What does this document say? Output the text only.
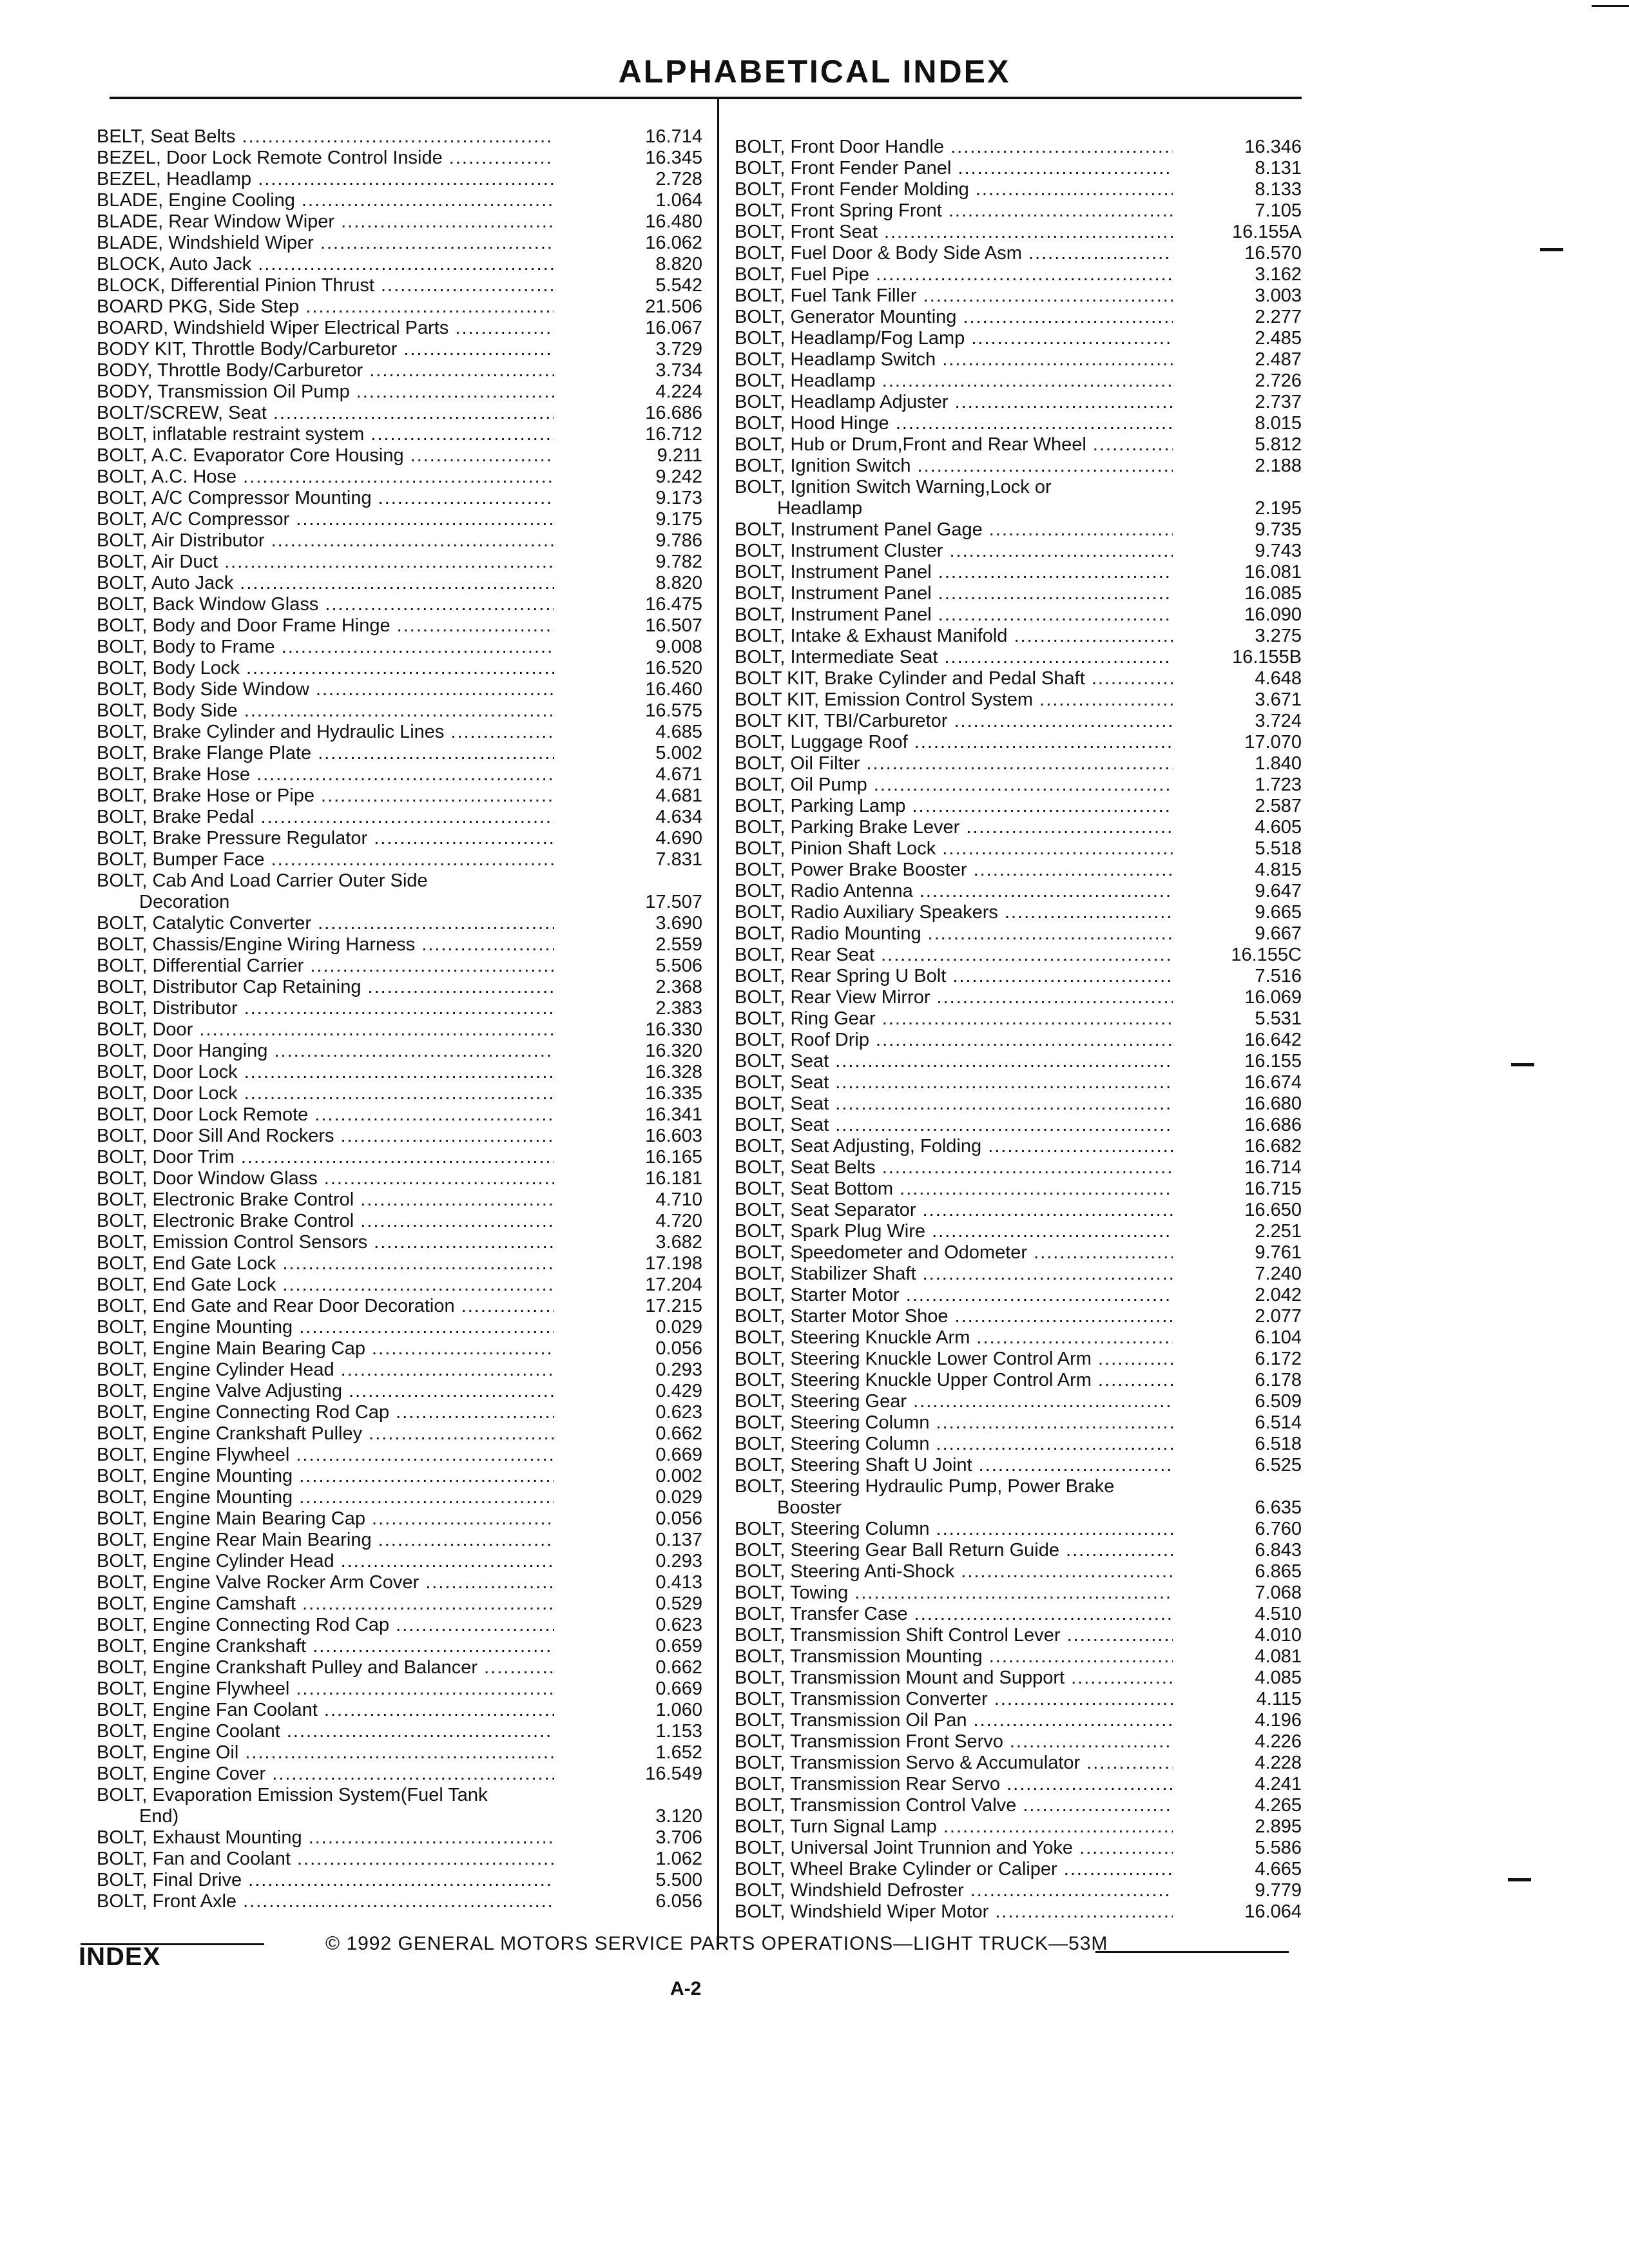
ALPHABETICAL INDEX
BELT, Seat Belts .....	16.714
BEZEL, Door Lock Remote Control Inside .....	16.345
BEZEL, Headlamp .....	2.728
BLADE, Engine Cooling .....	1.064
BLADE, Rear Window Wiper .....	16.480
BLADE, Windshield Wiper .....	16.062
BLOCK, Auto Jack .....	8.820
BLOCK, Differential Pinion Thrust .....	5.542
BOARD PKG, Side Step .....	21.506
BOARD, Windshield Wiper Electrical Parts .....	16.067
BODY KIT, Throttle Body/Carburetor .....	3.729
BODY, Throttle Body/Carburetor .....	3.734
BODY, Transmission Oil Pump .....	4.224
BOLT/SCREW, Seat .....	16.686
BOLT, inflatable restraint system .....	16.712
BOLT, A.C. Evaporator Core Housing .....	9.211
BOLT, A.C. Hose .....	9.242
BOLT, A/C Compressor Mounting .....	9.173
BOLT, A/C Compressor .....	9.175
BOLT, Air Distributor .....	9.786
BOLT, Air Duct .....	9.782
BOLT, Auto Jack .....	8.820
BOLT, Back Window Glass .....	16.475
BOLT, Body and Door Frame Hinge .....	16.507
BOLT, Body to Frame .....	9.008
BOLT, Body Lock .....	16.520
BOLT, Body Side Window .....	16.460
BOLT, Body Side .....	16.575
BOLT, Brake Cylinder and Hydraulic Lines .....	4.685
BOLT, Brake Flange Plate .....	5.002
BOLT, Brake Hose .....	4.671
BOLT, Brake Hose or Pipe .....	4.681
BOLT, Brake Pedal .....	4.634
BOLT, Brake Pressure Regulator .....	4.690
BOLT, Bumper Face .....	7.831
BOLT, Cab And Load Carrier Outer Side
Decoration	17.507
BOLT, Catalytic Converter .....	3.690
BOLT, Chassis/Engine Wiring Harness .....	2.559
BOLT, Differential Carrier .....	5.506
BOLT, Distributor Cap Retaining .....	2.368
BOLT, Distributor .....	2.383
BOLT, Door .....	16.330
BOLT, Door Hanging .....	16.320
BOLT, Door Lock .....	16.328
BOLT, Door Lock .....	16.335
BOLT, Door Lock Remote .....	16.341
BOLT, Door Sill And Rockers .....	16.603
BOLT, Door Trim .....	16.165
BOLT, Door Window Glass .....	16.181
BOLT, Electronic Brake Control .....	4.710
BOLT, Electronic Brake Control .....	4.720
BOLT, Emission Control Sensors .....	3.682
BOLT, End Gate Lock .....	17.198
BOLT, End Gate Lock .....	17.204
BOLT, End Gate and Rear Door Decoration .....	17.215
BOLT, Engine Mounting .....	0.029
BOLT, Engine Main Bearing Cap .....	0.056
BOLT, Engine Cylinder Head .....	0.293
BOLT, Engine Valve Adjusting .....	0.429
BOLT, Engine Connecting Rod Cap .....	0.623
BOLT, Engine Crankshaft Pulley .....	0.662
BOLT, Engine Flywheel .....	0.669
BOLT, Engine Mounting .....	0.002
BOLT, Engine Mounting .....	0.029
BOLT, Engine Main Bearing Cap .....	0.056
BOLT, Engine Rear Main Bearing .....	0.137
BOLT, Engine Cylinder Head .....	0.293
BOLT, Engine Valve Rocker Arm Cover .....	0.413
BOLT, Engine Camshaft .....	0.529
BOLT, Engine Connecting Rod Cap .....	0.623
BOLT, Engine Crankshaft .....	0.659
BOLT, Engine Crankshaft Pulley and Balancer .....	0.662
BOLT, Engine Flywheel .....	0.669
BOLT, Engine Fan Coolant .....	1.060
BOLT, Engine Coolant .....	1.153
BOLT, Engine Oil .....	1.652
BOLT, Engine Cover .....	16.549
BOLT, Evaporation Emission System(Fuel Tank
End)	3.120
BOLT, Exhaust Mounting .....	3.706
BOLT, Fan and Coolant .....	1.062
BOLT, Final Drive .....	5.500
BOLT, Front Axle .....	6.056
BOLT, Front Door Handle .....	16.346
BOLT, Front Fender Panel .....	8.131
BOLT, Front Fender Molding .....	8.133
BOLT, Front Spring Front .....	7.105
BOLT, Front Seat .....	16.155A
BOLT, Fuel Door & Body Side Asm .....	16.570
BOLT, Fuel Pipe .....	3.162
BOLT, Fuel Tank Filler .....	3.003
BOLT, Generator Mounting .....	2.277
BOLT, Headlamp/Fog Lamp .....	2.485
BOLT, Headlamp Switch .....	2.487
BOLT, Headlamp .....	2.726
BOLT, Headlamp Adjuster .....	2.737
BOLT, Hood Hinge .....	8.015
BOLT, Hub or Drum,Front and Rear Wheel .....	5.812
BOLT, Ignition Switch .....	2.188
BOLT, Ignition Switch Warning,Lock or
Headlamp	2.195
BOLT, Instrument Panel Gage .....	9.735
BOLT, Instrument Cluster .....	9.743
BOLT, Instrument Panel .....	16.081
BOLT, Instrument Panel .....	16.085
BOLT, Instrument Panel .....	16.090
BOLT, Intake & Exhaust Manifold .....	3.275
BOLT, Intermediate Seat .....	16.155B
BOLT KIT, Brake Cylinder and Pedal Shaft .....	4.648
BOLT KIT, Emission Control System .....	3.671
BOLT KIT, TBI/Carburetor .....	3.724
BOLT, Luggage Roof .....	17.070
BOLT, Oil Filter .....	1.840
BOLT, Oil Pump .....	1.723
BOLT, Parking Lamp .....	2.587
BOLT, Parking Brake Lever .....	4.605
BOLT, Pinion Shaft Lock .....	5.518
BOLT, Power Brake Booster .....	4.815
BOLT, Radio Antenna .....	9.647
BOLT, Radio Auxiliary Speakers .....	9.665
BOLT, Radio Mounting .....	9.667
BOLT, Rear Seat .....	16.155C
BOLT, Rear Spring U Bolt .....	7.516
BOLT, Rear View Mirror .....	16.069
BOLT, Ring Gear .....	5.531
BOLT, Roof Drip .....	16.642
BOLT, Seat .....	16.155
BOLT, Seat .....	16.674
BOLT, Seat .....	16.680
BOLT, Seat .....	16.686
BOLT, Seat Adjusting, Folding .....	16.682
BOLT, Seat Belts .....	16.714
BOLT, Seat Bottom .....	16.715
BOLT, Seat Separator .....	16.650
BOLT, Spark Plug Wire .....	2.251
BOLT, Speedometer and Odometer .....	9.761
BOLT, Stabilizer Shaft .....	7.240
BOLT, Starter Motor .....	2.042
BOLT, Starter Motor Shoe .....	2.077
BOLT, Steering Knuckle Arm .....	6.104
BOLT, Steering Knuckle Lower Control Arm .....	6.172
BOLT, Steering Knuckle Upper Control Arm .....	6.178
BOLT, Steering Gear .....	6.509
BOLT, Steering Column .....	6.514
BOLT, Steering Column .....	6.518
BOLT, Steering Shaft U Joint .....	6.525
BOLT, Steering Hydraulic Pump, Power Brake
Booster	6.635
BOLT, Steering Column .....	6.760
BOLT, Steering Gear Ball Return Guide .....	6.843
BOLT, Steering Anti-Shock .....	6.865
BOLT, Towing .....	7.068
BOLT, Transfer Case .....	4.510
BOLT, Transmission Shift Control Lever .....	4.010
BOLT, Transmission Mounting .....	4.081
BOLT, Transmission Mount and Support .....	4.085
BOLT, Transmission Converter .....	4.115
BOLT, Transmission Oil Pan .....	4.196
BOLT, Transmission Front Servo .....	4.226
BOLT, Transmission Servo & Accumulator .....	4.228
BOLT, Transmission Rear Servo .....	4.241
BOLT, Transmission Control Valve .....	4.265
BOLT, Turn Signal Lamp .....	2.895
BOLT, Universal Joint Trunnion and Yoke .....	5.586
BOLT, Wheel Brake Cylinder or Caliper .....	4.665
BOLT, Windshield Defroster .....	9.779
BOLT, Windshield Wiper Motor .....	16.064
© 1992 GENERAL MOTORS SERVICE PARTS OPERATIONS—LIGHT TRUCK—53M
INDEX
A-2
